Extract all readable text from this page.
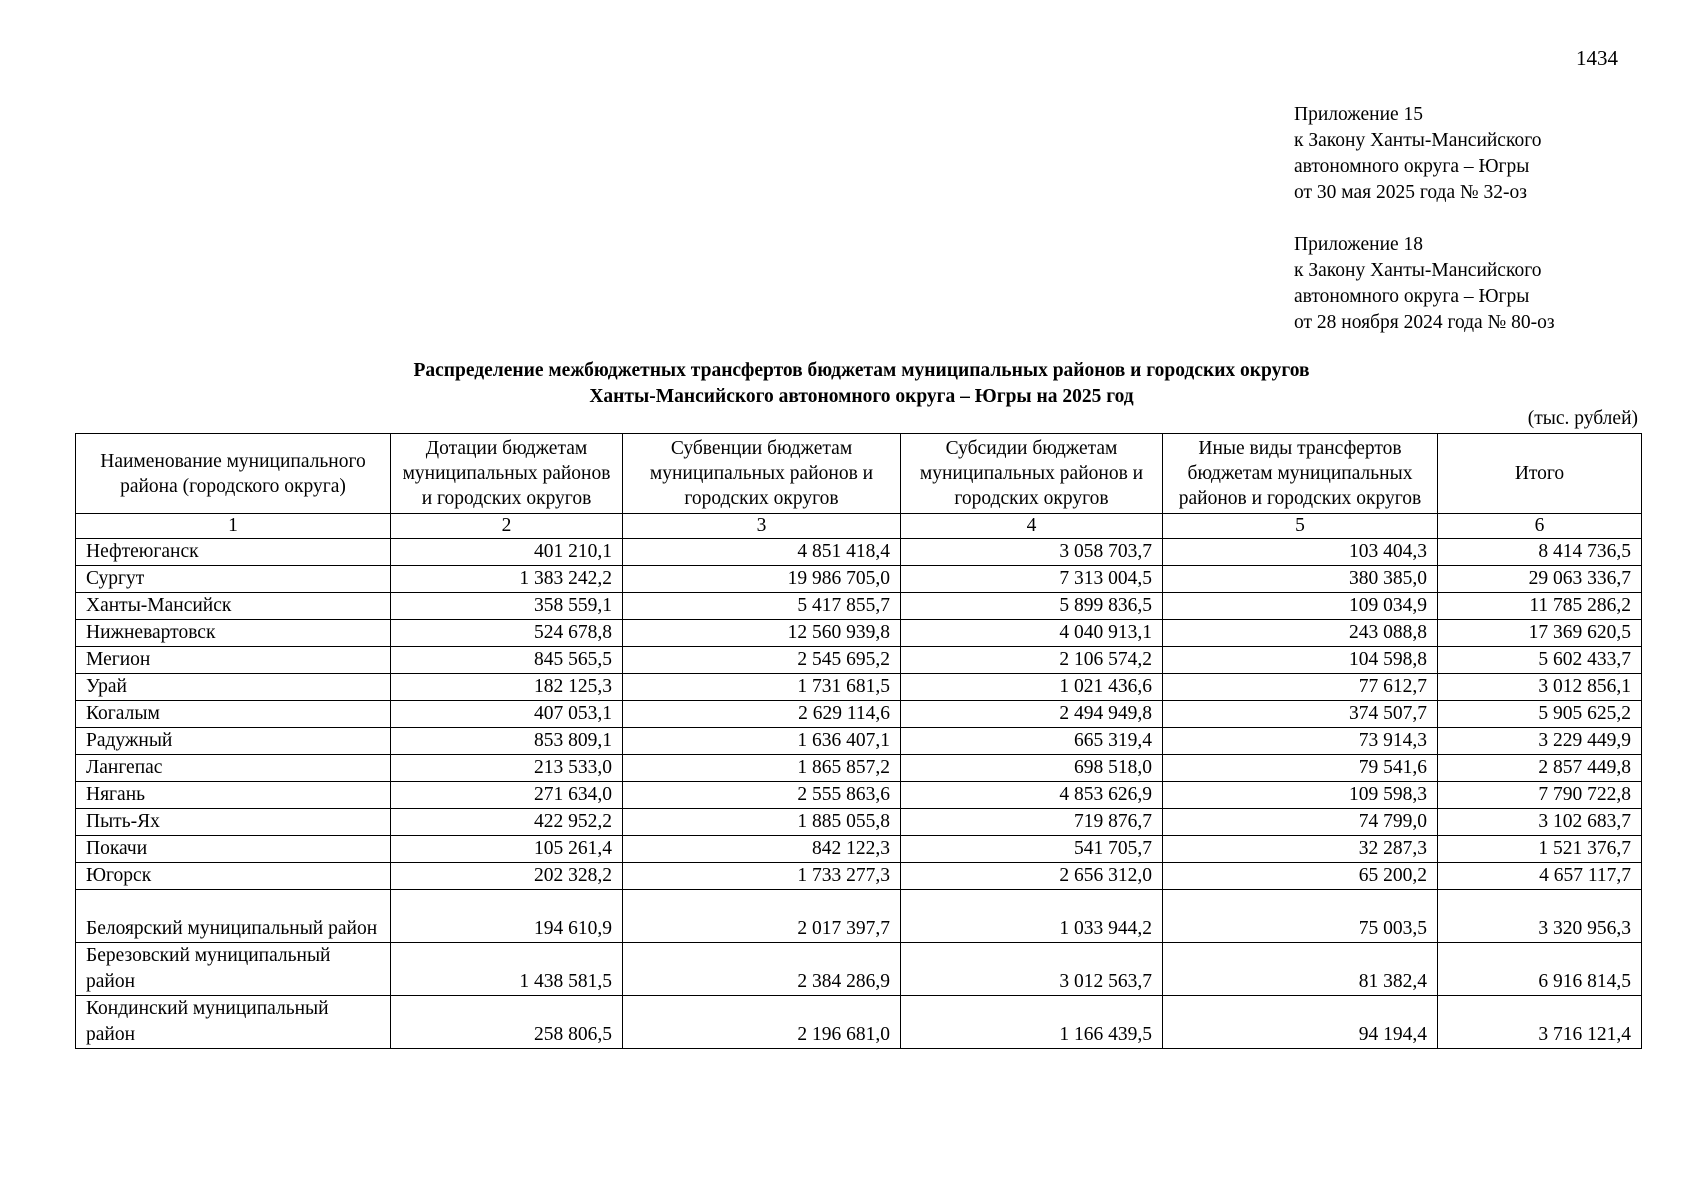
1434
Приложение 15
к Закону Ханты-Мансийского
автономного округа – Югры
от 30 мая 2025 года № 32-оз
Приложение 18
к Закону Ханты-Мансийского
автономного округа – Югры
от 28 ноября 2024 года № 80-оз
Распределение межбюджетных трансфертов бюджетам муниципальных районов и городских округов
Ханты-Мансийского автономного округа – Югры на 2025 год
(тыс. рублей)
Наименование муниципального района (городского округа)	Дотации бюджетам муниципальных районов и городских округов	Субвенции бюджетам муниципальных районов и городских округов	Субсидии бюджетам муниципальных районов и городских округов	Иные виды трансфертов бюджетам муниципальных районов и городских округов	Итого
1	2	3	4	5	6
Нефтеюганск	401 210,1	4 851 418,4	3 058 703,7	103 404,3	8 414 736,5
Сургут	1 383 242,2	19 986 705,0	7 313 004,5	380 385,0	29 063 336,7
Ханты-Мансийск	358 559,1	5 417 855,7	5 899 836,5	109 034,9	11 785 286,2
Нижневартовск	524 678,8	12 560 939,8	4 040 913,1	243 088,8	17 369 620,5
Мегион	845 565,5	2 545 695,2	2 106 574,2	104 598,8	5 602 433,7
Урай	182 125,3	1 731 681,5	1 021 436,6	77 612,7	3 012 856,1
Когалым	407 053,1	2 629 114,6	2 494 949,8	374 507,7	5 905 625,2
Радужный	853 809,1	1 636 407,1	665 319,4	73 914,3	3 229 449,9
Лангепас	213 533,0	1 865 857,2	698 518,0	79 541,6	2 857 449,8
Нягань	271 634,0	2 555 863,6	4 853 626,9	109 598,3	7 790 722,8
Пыть-Ях	422 952,2	1 885 055,8	719 876,7	74 799,0	3 102 683,7
Покачи	105 261,4	842 122,3	541 705,7	32 287,3	1 521 376,7
Югорск	202 328,2	1 733 277,3	2 656 312,0	65 200,2	4 657 117,7
Белоярский муниципальный район	194 610,9	2 017 397,7	1 033 944,2	75 003,5	3 320 956,3
Березовский муниципальный район	1 438 581,5	2 384 286,9	3 012 563,7	81 382,4	6 916 814,5
Кондинский муниципальный район	258 806,5	2 196 681,0	1 166 439,5	94 194,4	3 716 121,4
